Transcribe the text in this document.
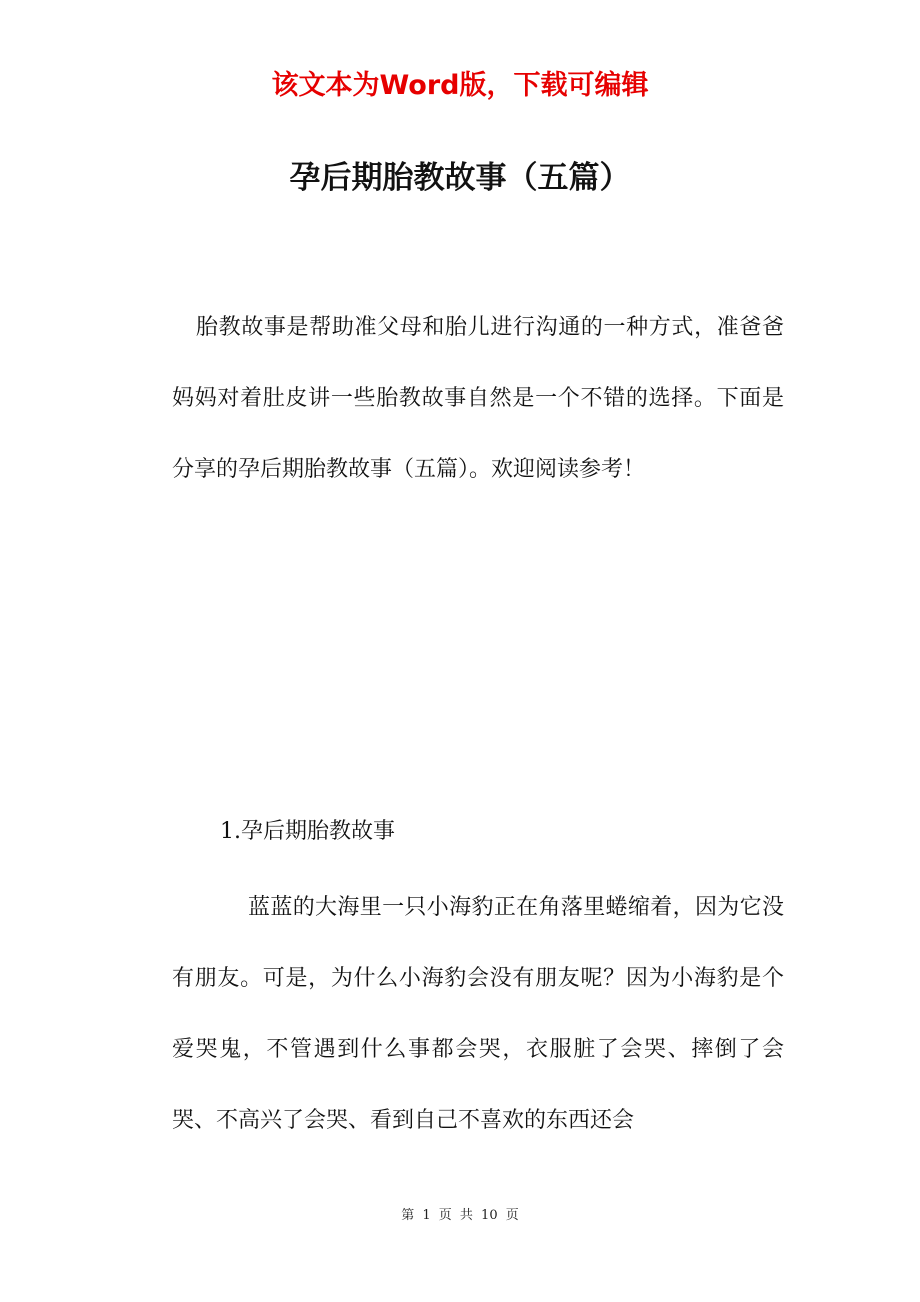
该文本为Word版，下载可编辑
孕后期胎教故事（五篇）

胎教故事是帮助准父母和胎儿进行沟通的一种方式，准爸爸妈妈对着肚皮讲一些胎教故事自然是一个不错的选择。下面是分享的孕后期胎教故事（五篇）。欢迎阅读参考！

1.孕后期胎教故事

蓝蓝的大海里一只小海豹正在角落里蜷缩着，因为它没有朋友。可是，为什么小海豹会没有朋友呢？因为小海豹是个爱哭鬼，不管遇到什么事都会哭，衣服脏了会哭、摔倒了会哭、不高兴了会哭、看到自己不喜欢的东西还会

第 1 页 共 10 页
